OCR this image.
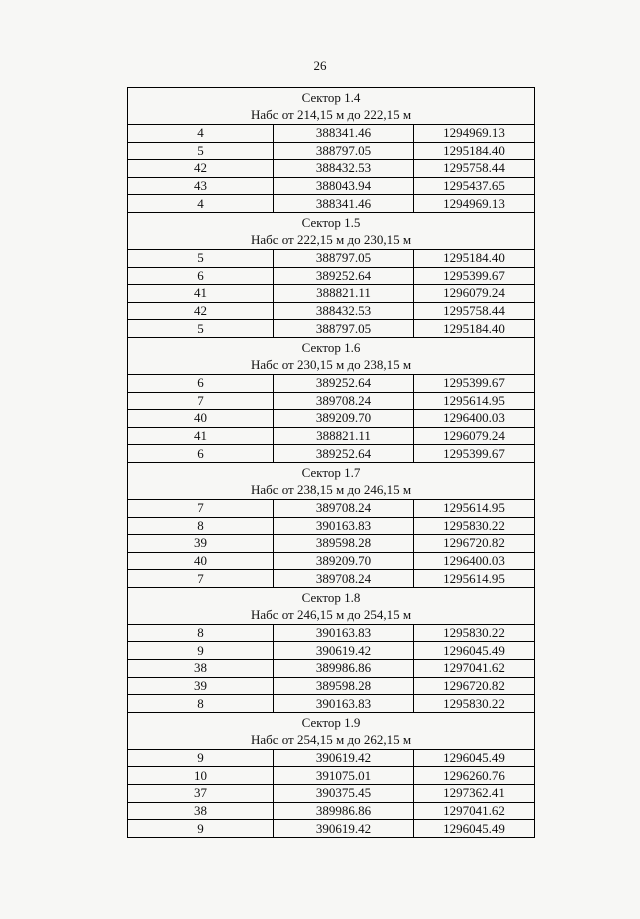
26
Сектор 1.4
Набс от 214,15 м до 222,15 м		

4	388341.46	1294969.13
5	388797.05	1295184.40
42	388432.53	1295758.44
43	388043.94	1295437.65
4	388341.46	1294969.13

Сектор 1.5
Набс от 222,15 м до 230,15 м		

5	388797.05	1295184.40
6	389252.64	1295399.67
41	388821.11	1296079.24
42	388432.53	1295758.44
5	388797.05	1295184.40

Сектор 1.6
Набс от 230,15 м до 238,15 м		

6	389252.64	1295399.67
7	389708.24	1295614.95
40	389209.70	1296400.03
41	388821.11	1296079.24
6	389252.64	1295399.67

Сектор 1.7
Набс от 238,15 м до 246,15 м		

7	389708.24	1295614.95
8	390163.83	1295830.22
39	389598.28	1296720.82
40	389209.70	1296400.03
7	389708.24	1295614.95

Сектор 1.8
Набс от 246,15 м до 254,15 м		

8	390163.83	1295830.22
9	390619.42	1296045.49
38	389986.86	1297041.62
39	389598.28	1296720.82
8	390163.83	1295830.22

Сектор 1.9
Набс от 254,15 м до 262,15 м		

9	390619.42	1296045.49
10	391075.01	1296260.76
37	390375.45	1297362.41
38	389986.86	1297041.62
9	390619.42	1296045.49
